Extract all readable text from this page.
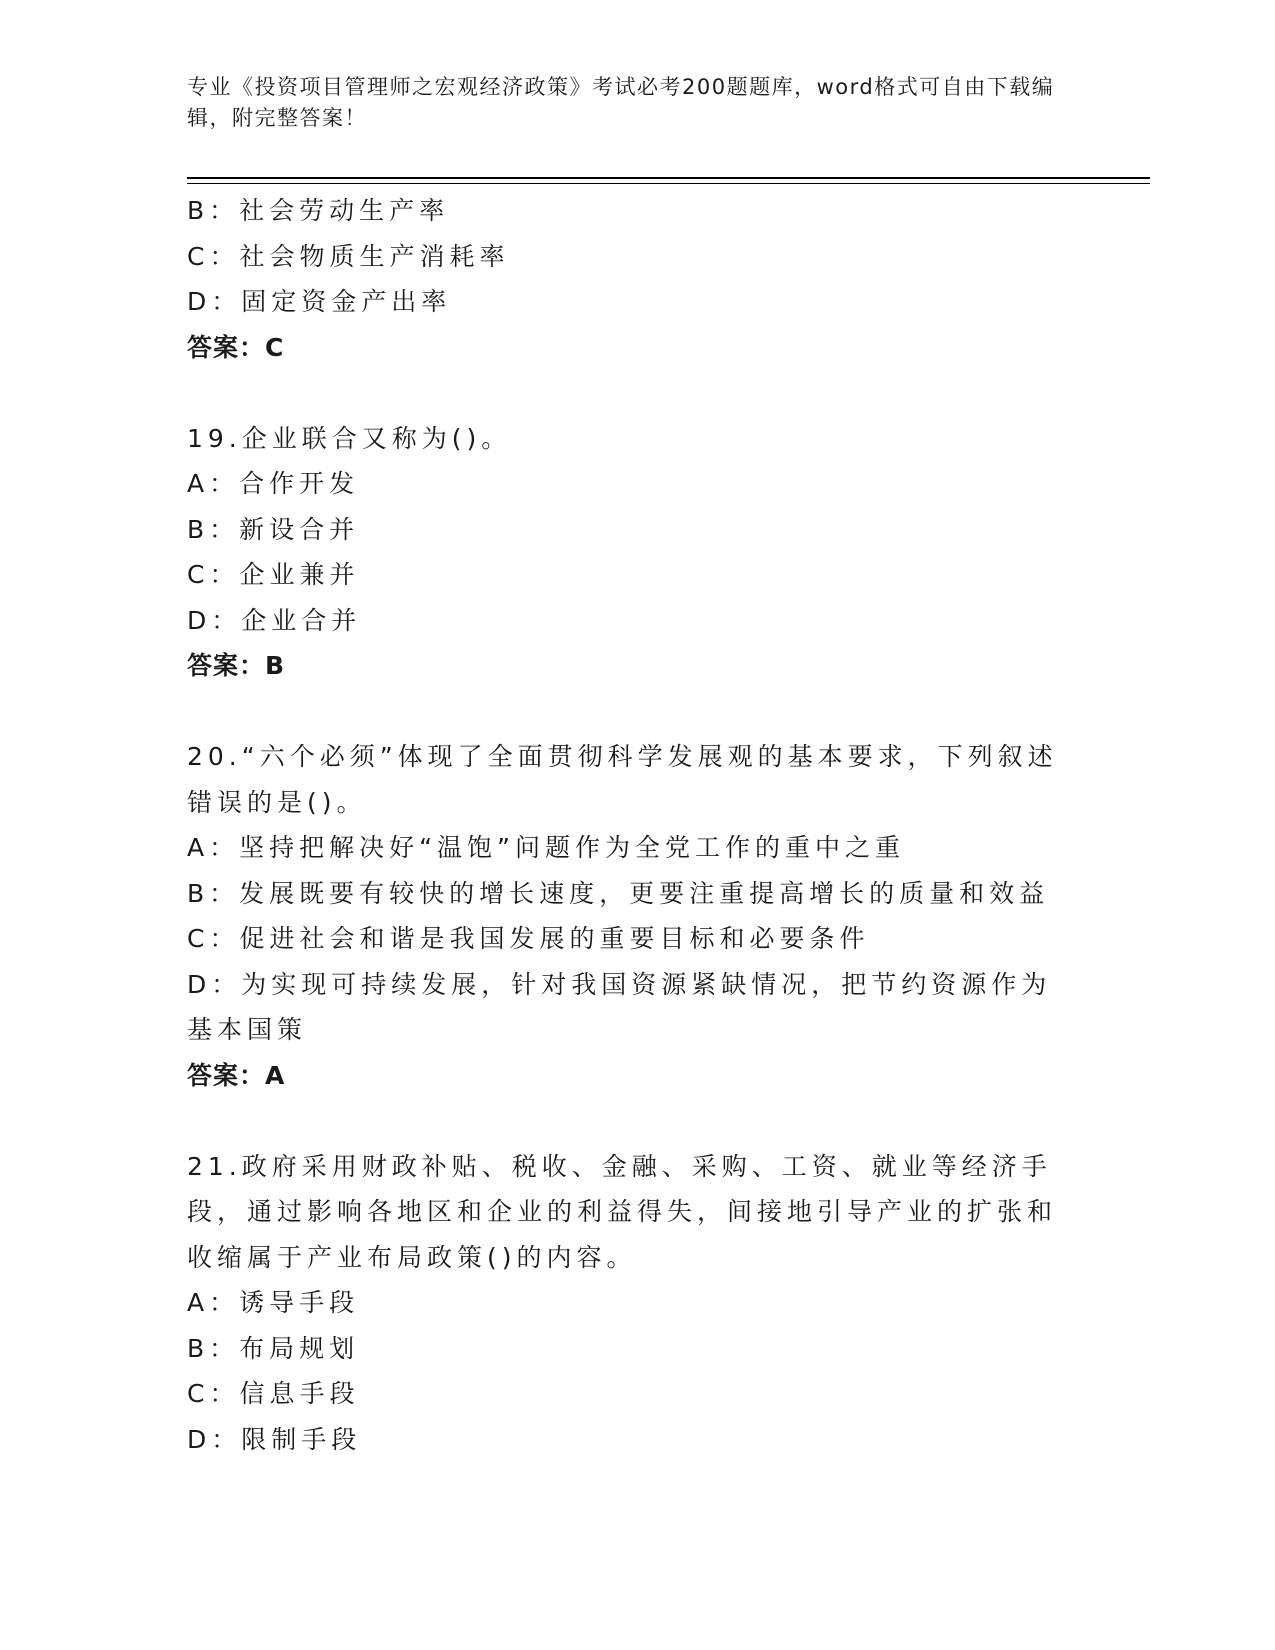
专业《投资项目管理师之宏观经济政策》考试必考200题题库，word格式可自由下载编辑，附完整答案！
B：社会劳动生产率
C：社会物质生产消耗率
D：固定资金产出率
答案：C
19.企业联合又称为()。
A：合作开发
B：新设合并
C：企业兼并
D：企业合并
答案：B
20.“六个必须”体现了全面贯彻科学发展观的基本要求，下列叙述错误的是()。
A：坚持把解决好“温饱”问题作为全党工作的重中之重
B：发展既要有较快的增长速度，更要注重提高增长的质量和效益
C：促进社会和谐是我国发展的重要目标和必要条件
D：为实现可持续发展，针对我国资源紧缺情况，把节约资源作为基本国策
答案：A
21.政府采用财政补贴、税收、金融、采购、工资、就业等经济手段，通过影响各地区和企业的利益得失，间接地引导产业的扩张和收缩属于产业布局政策()的内容。
A：诱导手段
B：布局规划
C：信息手段
D：限制手段
